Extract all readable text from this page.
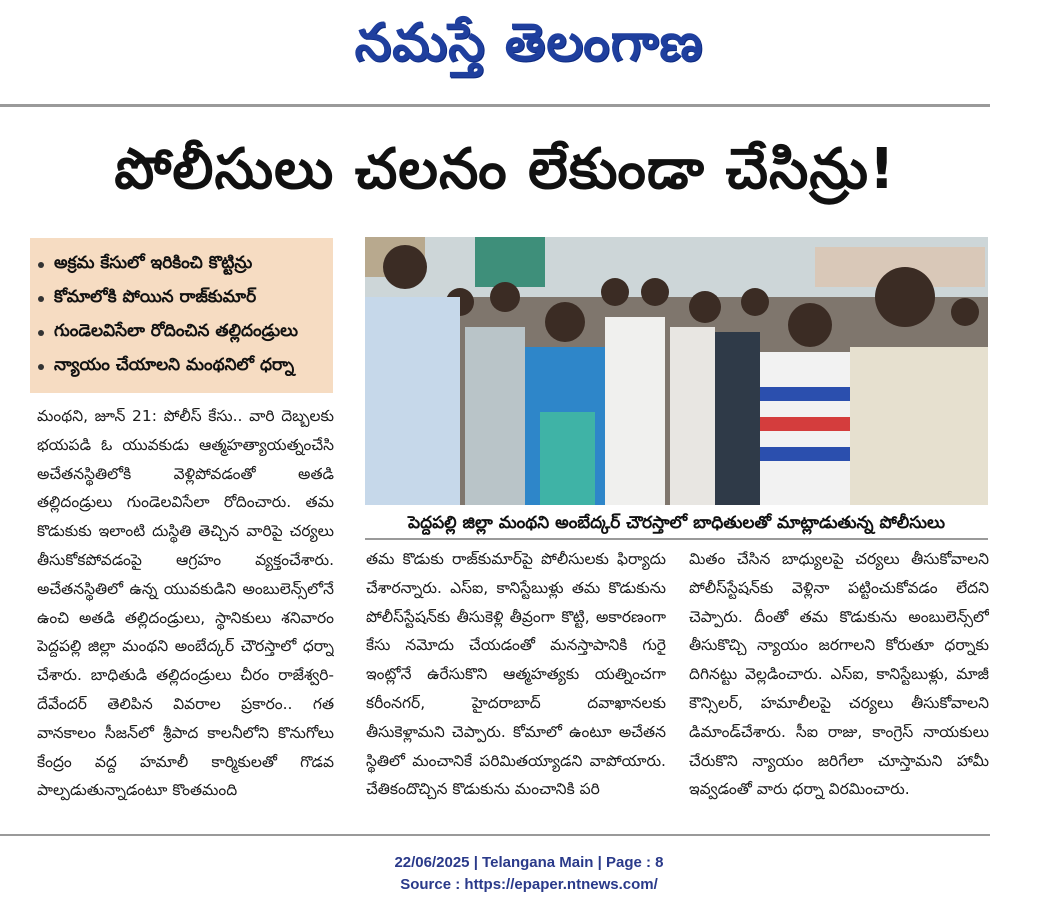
నమస్తే తెలంగాణ
పోలీసులు చలనం లేకుండా చేసిన్రు!
అక్రమ కేసులో ఇరికించి కొట్టిన్రు
కోమాలోకి పోయిన రాజ్‌కుమార్
గుండెలవిసేలా రోదించిన తల్లిదండ్రులు
న్యాయం చేయాలని మంథనిలో ధర్నా
పెద్దపల్లి జిల్లా మంథని అంబేద్కర్ చౌరస్తాలో బాధితులతో మాట్లాడుతున్న పోలీసులు
మంథని, జూన్ 21: పోలీస్ కేసు.. వారి దెబ్బలకు భయపడి ఓ యువకుడు ఆత్మహత్యాయత్నంచేసి అచేతనస్థితిలోకి వెళ్లిపోవడంతో అతడి తల్లిదండ్రులు గుండెలవిసేలా రోదించారు. తమ కొడుకుకు ఇలాంటి దుస్థితి తెచ్చిన వారిపై చర్యలు తీసుకోకపోవడంపై ఆగ్రహం వ్యక్తంచేశారు. అచేతనస్థితిలో ఉన్న యువకుడిని అంబులెన్స్‌లోనే ఉంచి అతడి తల్లిదండ్రులు, స్థానికులు శనివారం పెద్దపల్లి జిల్లా మంథని అంబేద్కర్ చౌరస్తాలో ధర్నా చేశారు. బాధితుడి తల్లిదండ్రులు చీరం రాజేశ్వరి-దేవేందర్ తెలిపిన వివరాల ప్రకారం.. గత వానకాలం సీజన్‌లో శ్రీపాద కాలనీలోని కొనుగోలు కేంద్రం వద్ద హమాలీ కార్మికులతో గొడవ పాల్పడుతున్నాడంటూ కొంతమంది
తమ కొడుకు రాజ్‌కుమార్‌పై పోలీసులకు ఫిర్యాదు చేశారన్నారు. ఎస్‌ఐ, కానిస్టేబుళ్లు తమ కొడుకును పోలీస్‌స్టేషన్‌కు తీసుకెళ్లి తీవ్రంగా కొట్టి, అకారణంగా కేసు నమోదు చేయడంతో మనస్తాపానికి గురై ఇంట్లోనే ఉరేసుకొని ఆత్మహత్యకు యత్నించగా కరీంనగర్, హైదరాబాద్ దవాఖానలకు తీసుకెళ్లామని చెప్పారు. కోమాలో ఉంటూ అచేతన స్థితిలో మంచానికే పరిమితయ్యాడని వాపోయారు. చేతికందొచ్చిన కొడుకును మంచానికి పరి
మితం చేసిన బాధ్యులపై చర్యలు తీసుకోవాలని పోలీస్‌స్టేషన్‌కు వెళ్లినా పట్టించుకోవడం లేదని చెప్పారు. దీంతో తమ కొడుకును అంబులెన్స్‌లో తీసుకొచ్చి న్యాయం జరగాలని కోరుతూ ధర్నాకు దిగినట్టు వెల్లడించారు. ఎస్‌ఐ, కానిస్టేబుళ్లు, మాజీ కౌన్సిలర్, హమాలీలపై చర్యలు తీసుకోవాలని డిమాండ్‌చేశారు. సీఐ రాజు, కాంగ్రెస్ నాయకులు చేరుకొని న్యాయం జరిగేలా చూస్తామని హామీ ఇవ్వడంతో వారు ధర్నా విరమించారు.
22/06/2025 | Telangana Main | Page : 8
Source : https://epaper.ntnews.com/
